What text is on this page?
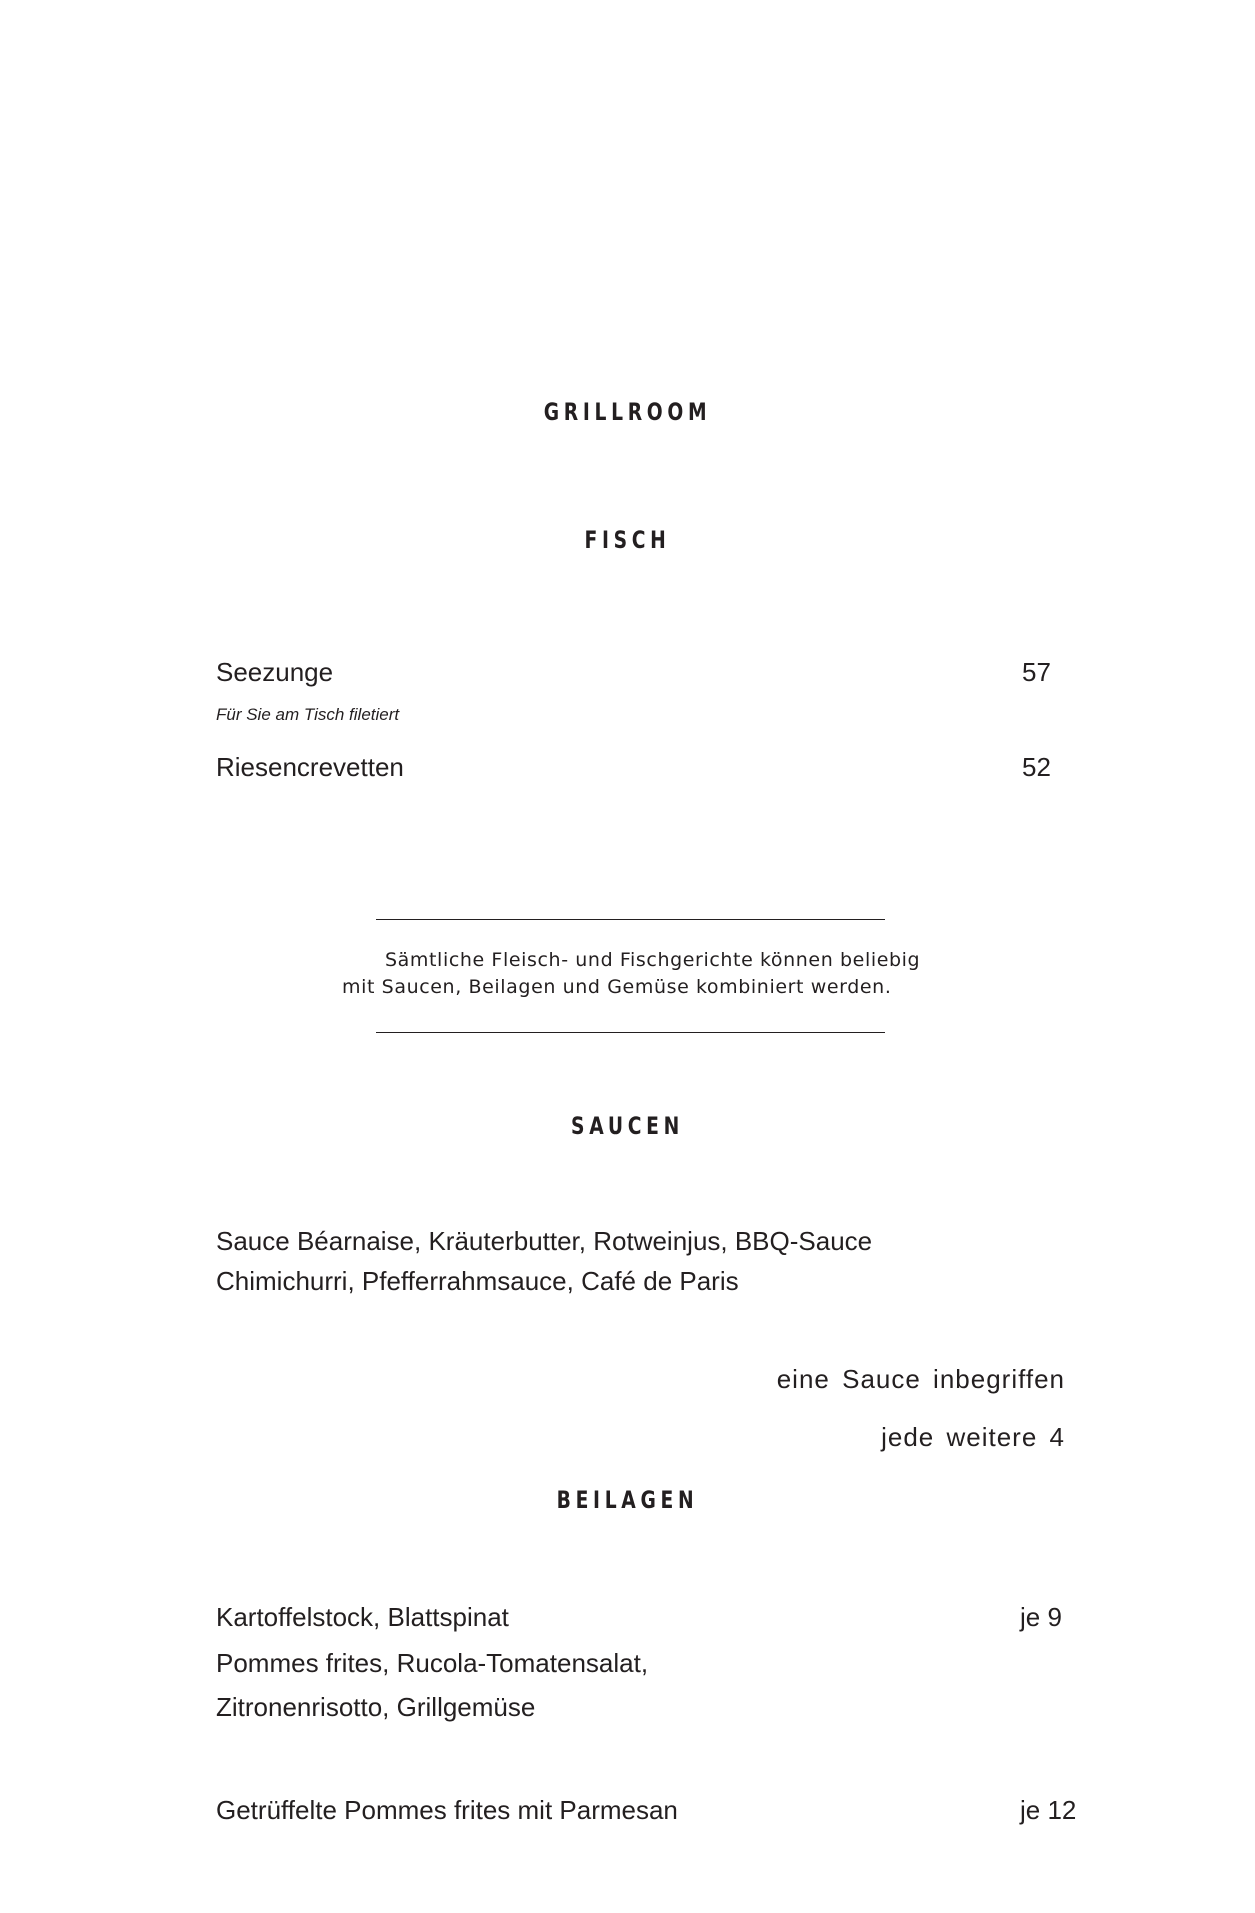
GRILLROOM
FISCH
Seezunge	57
Für Sie am Tisch filetiert
Riesencrevetten	52
Sämtliche Fleisch- und Fischgerichte können beliebig
mit Saucen, Beilagen und Gemüse kombiniert werden.
SAUCEN
Sauce Béarnaise, Kräuterbutter, Rotweinjus, BBQ-Sauce
Chimichurri, Pfefferrahmsauce, Café de Paris
eine Sauce inbegriffen
jede weitere 4
BEILAGEN
Kartoffelstock, Blattspinat	je 9
Pommes frites, Rucola-Tomatensalat,
Zitronenrisotto, Grillgemüse
Getrüffelte Pommes frites mit Parmesan	je 12
